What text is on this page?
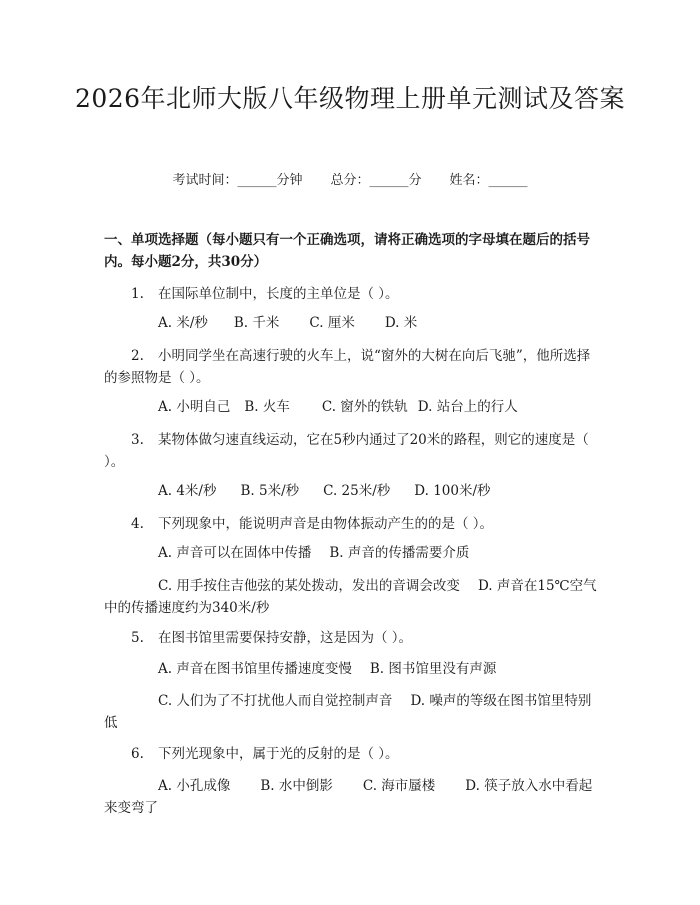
2026年北师大版八年级物理上册单元测试及答案
考试时间：______分钟 总分：______分 姓名：______
一、单项选择题（每小题只有一个正确选项，请将正确选项的字母填在题后的括号内。每小题2分，共30分）
1. 在国际单位制中，长度的主单位是（ ）。
A. 米/秒 B. 千米 C. 厘米 D. 米
2. 小明同学坐在高速行驶的火车上，说“窗外的大树在向后飞驰”，他所选择的参照物是（ ）。
A. 小明自己 B. 火车 C. 窗外的铁轨 D. 站台上的行人
3. 某物体做匀速直线运动，它在5秒内通过了20米的路程，则它的速度是（ ）。
A. 4米/秒 B. 5米/秒 C. 25米/秒 D. 100米/秒
4. 下列现象中，能说明声音是由物体振动产生的的是（ ）。
A. 声音可以在固体中传播 B. 声音的传播需要介质
C. 用手按住吉他弦的某处拨动，发出的音调会改变 D. 声音在15℃空气中的传播速度约为340米/秒
5. 在图书馆里需要保持安静，这是因为（ ）。
A. 声音在图书馆里传播速度变慢 B. 图书馆里没有声源
C. 人们为了不打扰他人而自觉控制声音 D. 噪声的等级在图书馆里特别低
6. 下列光现象中，属于光的反射的是（ ）。
A. 小孔成像 B. 水中倒影 C. 海市蜃楼 D. 筷子放入水中看起来变弯了
